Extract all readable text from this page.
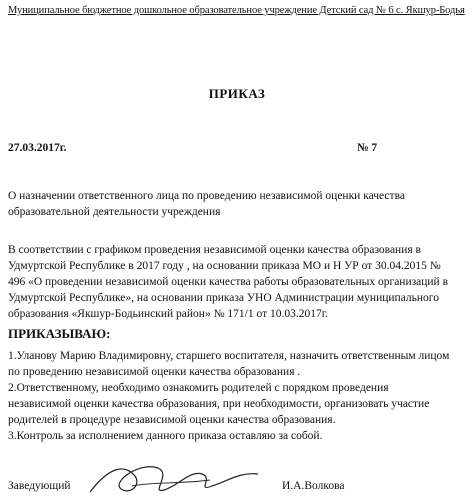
Муниципальное бюджетное дошкольное образовательное учреждение Детский сад № 6 с. Якшур-Бодья
ПРИКАЗ
27.03.2017г.	№ 7
О назначении ответственного лица по проведению независимой оценки качества
образовательной деятельности учреждения
В соответствии с графиком проведения независимой оценки качества образования в
Удмуртской Республике в 2017 году , на основании приказа МО и Н УР от 30.04.2015 №
496 «О проведении независимой оценки качества работы образовательных организаций в
Удмуртской Республике», на основании приказа УНО Администрации муниципального
образования «Якшур-Бодьинский район» № 171/1 от 10.03.2017г.
ПРИКАЗЫВАЮ:
1.Уланову Марию Владимировну, старшего воспитателя, назначить ответственным лицом
по проведению независимой оценки качества образования .
2.Ответственному, необходимо ознакомить родителей с порядком проведения
независимой оценки качества образования, при необходимости, организовать участие
родителей в процедуре независимой оценки качества образования.
3.Контроль за исполнением данного приказа оставляю за собой.
Заведующий	И.А.Волкова
